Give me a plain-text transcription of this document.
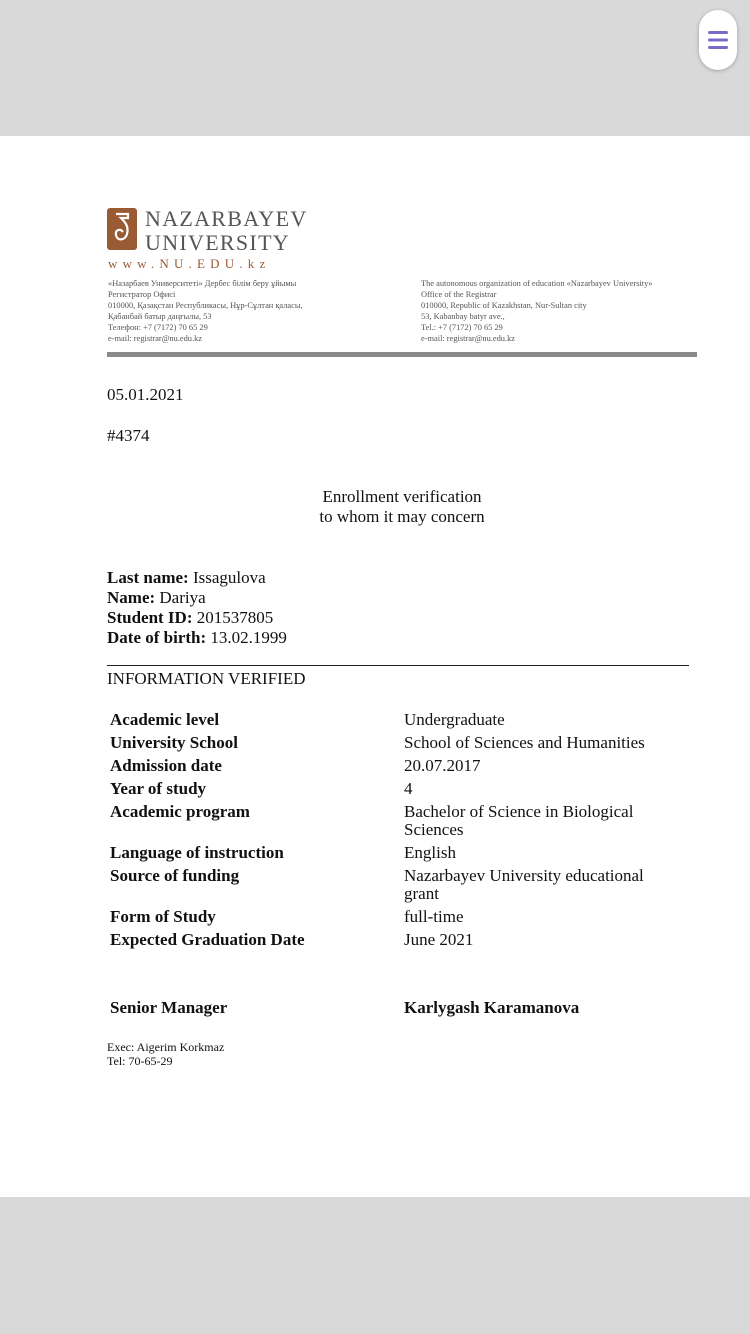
NAZARBAYEV
UNIVERSITY
www.NU.EDU.kz
«Назарбаев Университеті» Дербес білім беру ұйымы
Регистратор Офисі
010000, Қазақстан Республикасы, Нұр-Сұлтан қаласы,
Қабанбай батыр даңғылы, 53
Телефон: +7 (7172) 70 65 29
e-mail: registrar@nu.edu.kz
The autonomous organization of education «Nazarbayev University»
Office of the Registrar
010000, Republic of Kazakhstan, Nur-Sultan city
53, Kabanbay batyr ave.,
Tel.: +7 (7172) 70 65 29
e-mail: registrar@nu.edu.kz
05.01.2021
#4374
Enrollment verification
to whom it may concern
Last name: Issagulova
Name: Dariya
Student ID: 201537805
Date of birth: 13.02.1999
INFORMATION VERIFIED
Academic level	Undergraduate
University School	School of Sciences and Humanities
Admission date	20.07.2017
Year of study	4
Academic program	Bachelor of Science in Biological Sciences
Language of instruction	English
Source of funding	Nazarbayev University educational grant
Form of Study	full-time
Expected Graduation Date	June 2021
Senior Manager	Karlygash Karamanova
Exec: Aigerim Korkmaz
Tel: 70-65-29
